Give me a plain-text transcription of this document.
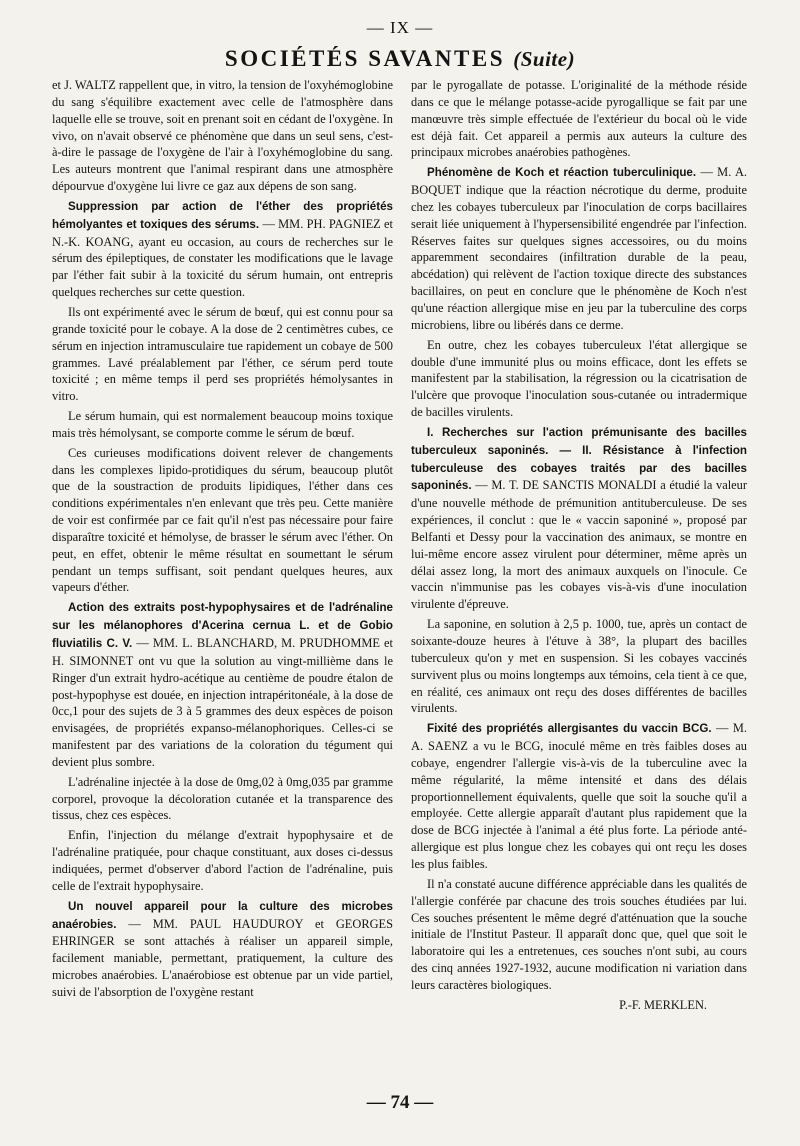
— IX —
SOCIÉTÉS SAVANTES (Suite)

et J. WALTZ rappellent que, in vitro, la tension de l'oxyhémoglobine du sang s'équilibre exactement avec celle de l'atmosphère dans laquelle elle se trouve, soit en prenant soit en cédant de l'oxygène. In vivo, on n'avait observé ce phénomène que dans un seul sens, c'est-à-dire le passage de l'oxygène de l'air à l'oxyhémoglobine du sang. Les auteurs montrent que l'animal respirant dans une atmosphère dépourvue d'oxygène lui livre ce gaz aux dépens de son sang.

Suppression par action de l'éther des propriétés hémolyantes et toxiques des sérums. — MM. PH. PAGNIEZ et N.-K. KOANG, ayant eu occasion, au cours de recherches sur le sérum des épileptiques, de constater les modifications que le lavage par l'éther fait subir à la toxicité du sérum humain, ont entrepris quelques recherches sur cette question.

Ils ont expérimenté avec le sérum de bœuf, qui est connu pour sa grande toxicité pour le cobaye. A la dose de 2 centimètres cubes, ce sérum en injection intramusculaire tue rapidement un cobaye de 500 grammes. Lavé préalablement par l'éther, ce sérum perd toute toxicité ; en même temps il perd ses propriétés hémolysantes in vitro.

Le sérum humain, qui est normalement beaucoup moins toxique mais très hémolysant, se comporte comme le sérum de bœuf.

Ces curieuses modifications doivent relever de changements dans les complexes lipido-protidiques du sérum, beaucoup plutôt que de la soustraction de produits lipidiques, l'éther dans ces conditions expérimentales n'en enlevant que très peu. Cette manière de voir est confirmée par ce fait qu'il n'est pas nécessaire pour faire disparaître toxicité et hémolyse, de brasser le sérum avec l'éther. On peut, en effet, obtenir le même résultat en soumettant le sérum pendant un temps suffisant, soit pendant quelques heures, aux vapeurs d'éther.

Action des extraits post-hypophysaires et de l'adrénaline sur les mélanophores d'Acerina cernua L. et de Gobio fluviatilis C. V. — MM. L. BLANCHARD, M. PRUDHOMME et H. SIMONNET ont vu que la solution au vingt-millième dans le Ringer d'un extrait hydro-acétique au centième de poudre étalon de post-hypophyse est douée, en injection intrapéritonéale, à la dose de 0cc,1 pour des sujets de 3 à 5 grammes des deux espèces de poison envisagées, de propriétés expanso-mélanophoriques. Celles-ci se manifestent par des variations de la coloration du tégument qui devient plus sombre.

L'adrénaline injectée à la dose de 0mg,02 à 0mg,035 par gramme corporel, provoque la décoloration cutanée et la transparence des tissus, chez ces espèces.

Enfin, l'injection du mélange d'extrait hypophysaire et de l'adrénaline pratiquée, pour chaque constituant, aux doses ci-dessus indiquées, permet d'observer d'abord l'action de l'adrénaline, puis celle de l'extrait hypophysaire.

Un nouvel appareil pour la culture des microbes anaérobies. — MM. PAUL HAUDUROY et GEORGES EHRINGER se sont attachés à réaliser un appareil simple, facilement maniable, permettant, pratiquement, la culture des microbes anaérobies. L'anaérobiose est obtenue par un vide partiel, suivi de l'absorption de l'oxygène restant

par le pyrogallate de potasse. L'originalité de la méthode réside dans ce que le mélange potasse-acide pyrogallique se fait par une manœuvre très simple effectuée de l'extérieur du bocal où le vide est déjà fait. Cet appareil a permis aux auteurs la culture des principaux microbes anaérobies pathogènes.

Phénomène de Koch et réaction tuberculinique. — M. A. BOQUET indique que la réaction nécrotique du derme, produite chez les cobayes tuberculeux par l'inoculation de corps bacillaires serait liée uniquement à l'hypersensibilité engendrée par l'infection. Réserves faites sur quelques signes accessoires, ou du moins apparemment secondaires (infiltration durable de la peau, abcédation) qui relèvent de l'action toxique directe des substances bacillaires, on peut en conclure que le phénomène de Koch n'est qu'une réaction allergique mise en jeu par la tuberculine des corps microbiens, libre ou libérés dans ce derme.

En outre, chez les cobayes tuberculeux l'état allergique se double d'une immunité plus ou moins efficace, dont les effets se manifestent par la stabilisation, la régression ou la cicatrisation de l'ulcère que provoque l'inoculation sous-cutanée ou intradermique de bacilles virulents.

I. Recherches sur l'action prémunisante des bacilles tuberculeux saponinés. — II. Résistance à l'infection tuberculeuse des cobayes traités par des bacilles saponinés. — M. T. DE SANCTIS MONALDI a étudié la valeur d'une nouvelle méthode de prémunition antituberculeuse. De ses expériences, il conclut : que le « vaccin saponiné », proposé par Belfanti et Dessy pour la vaccination des animaux, se montre en lui-même encore assez virulent pour déterminer, même après un délai assez long, la mort des animaux auxquels on l'inocule. Ce vaccin n'immunise pas les cobayes vis-à-vis d'une inoculation virulente d'épreuve.

La saponine, en solution à 2,5 p. 1000, tue, après un contact de soixante-douze heures à l'étuve à 38°, la plupart des bacilles tuberculeux qu'on y met en suspension. Si les cobayes vaccinés survivent plus ou moins longtemps aux témoins, cela tient à ce que, en réalité, ces animaux ont reçu des doses différentes de bacilles virulents.

Fixité des propriétés allergisantes du vaccin BCG. — M. A. SAENZ a vu le BCG, inoculé même en très faibles doses au cobaye, engendrer l'allergie vis-à-vis de la tuberculine avec la même régularité, la même intensité et dans des délais proportionnellement équivalents, quelle que soit la souche qu'il a employée. Cette allergie apparaît d'autant plus rapidement que la dose de BCG injectée à l'animal a été plus forte. La période anté-allergique est plus longue chez les cobayes qui ont reçu les doses les plus faibles.

Il n'a constaté aucune différence appréciable dans les qualités de l'allergie conférée par chacune des trois souches étudiées par lui. Ces souches présentent le même degré d'atténuation que la souche initiale de l'Institut Pasteur. Il apparaît donc que, quel que soit le laboratoire qui les a entretenues, ces souches n'ont subi, au cours des cinq années 1927-1932, aucune modification ni variation dans leurs caractères biologiques.

P.-F. MERKLEN.

— 74 —
